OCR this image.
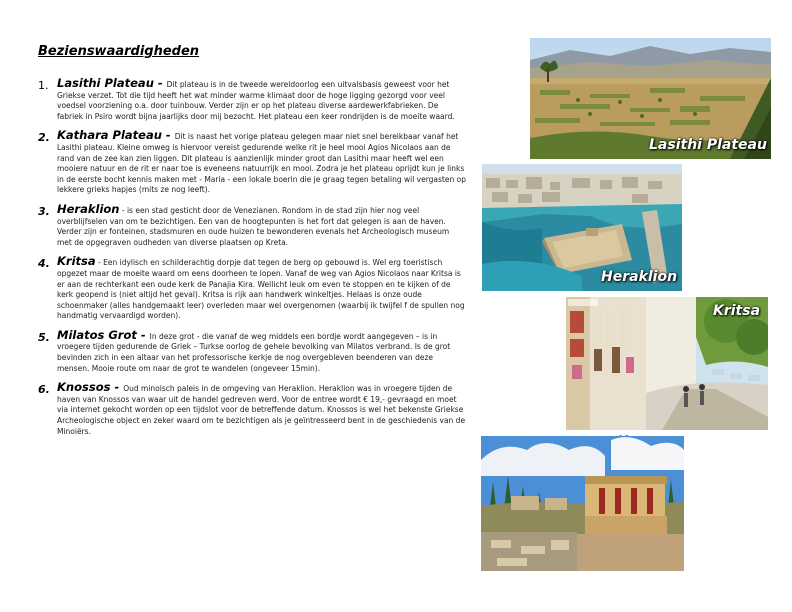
Bezienswaardigheden
1. Lasithi Plateau - Dit plateau is in de tweede wereldoorlog een uitvalsbasis geweest voor het Griekse verzet. Tot die tijd heeft het wat minder warme klimaat door de hoge ligging gezorgd voor veel voedsel voorziening o.a. door tuinbouw. Verder zijn er op het plateau diverse aardewerkfabrieken. De fabriek in Psiro wordt bijna jaarlijks door mij bezocht. Het plateau een keer rondrijden is de moeite waard.
2. Kathara Plateau - Dit is naast het vorige plateau gelegen maar niet snel bereikbaar vanaf het Lasithi plateau. Kleine omweg is hiervoor vereist gedurende welke rit je heel mooi Agios Nicolaos aan de rand van de zee kan zien liggen. Dit plateau is aanzienlijk minder groot dan Lasithi maar heeft wel een mooiere natuur en de rit er naar toe is eveneens natuurrijk en mooi. Zodra je het plateau oprijdt kun je links in de eerste bocht kennis maken met - Maria - een lokale boerin die je graag tegen betaling wil vergasten op lekkere grieks hapjes (mits ze nog leeft).
3. Heraklion - is een stad gesticht door de Venezianen. Rondom in de stad zijn hier nog veel overblijfselen van om te bezichtigen. Een van de hoogtepunten is het fort dat gelegen is aan de haven. Verder zijn er fonteinen, stadsmuren en oude huizen te bewonderen evenals het Archeologisch museum met de opgegraven oudheden van diverse plaatsen op Kreta.
4. Kritsa - Een idylisch en schilderachtig dorpje dat tegen de berg op gebouwd is. Wel erg toeristisch opgezet maar de moeite waard om eens doorheen te lopen. Vanaf de weg van Agios Nicolaos naar Kritsa is er aan de rechterkant een oude kerk de Panajia Kira. Wellicht leuk om even te stoppen en te kijken of de kerk geopend is (niet altijd het geval). Kritsa is rijk aan handwerk winkeltjes. Helaas is onze oude schoenmaker (alles handgemaakt leer) overleden maar wel overgenomen (waarbij ik twijfel f de spullen nog handmatig vervaardigd worden).
5. Milatos Grot - In deze grot - die vanaf de weg middels een bordje wordt aangegeven – is in vroegere tijden gedurende de Griek – Turkse oorlog de gehele bevolking van Milatos verbrand. Is de grot bevinden zich in een altaar van het professorische kerkje de nog overgebleven beenderen van deze mensen. Mooie route om naar de grot te wandelen (ongeveer 15min).
6. Knossos - Oud minoisch paleis in de omgeving van Heraklion. Heraklion was in vroegere tijden de haven van Knossos van waar uit de handel gedreven werd. Voor de entree wordt € 19,- gevraagd en moet via internet gekocht worden op een tijdslot voor de betreffende datum. Knossos is wel het bekenste Griekse Archeologische object en zeker waard om te bezichtigen als je geïntresseerd bent in de geschiedenis van de Minoiërs.
Lasithi Plateau
Heraklion
Kritsa
